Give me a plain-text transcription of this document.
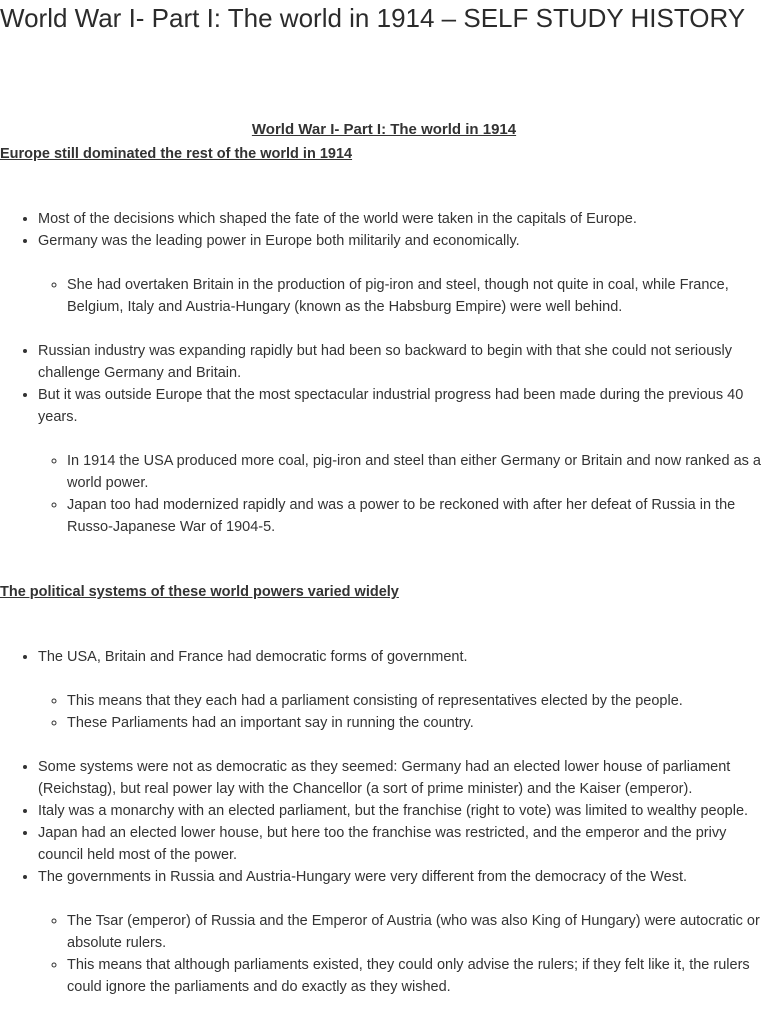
World War I- Part I: The world in 1914 – SELF STUDY HISTORY
World War I- Part I: The world in 1914
Europe still dominated the rest of the world in 1914
• Most of the decisions which shaped the fate of the world were taken in the capitals of Europe.
• Germany was the leading power in Europe both militarily and economically.
◦ She had overtaken Britain in the production of pig-iron and steel, though not quite in coal, while France, Belgium, Italy and Austria-Hungary (known as the Habsburg Empire) were well behind.
• Russian industry was expanding rapidly but had been so backward to begin with that she could not seriously challenge Germany and Britain.
• But it was outside Europe that the most spectacular industrial progress had been made during the previous 40 years.
◦ In 1914 the USA produced more coal, pig-iron and steel than either Germany or Britain and now ranked as a world power.
◦ Japan too had modernized rapidly and was a power to be reckoned with after her defeat of Russia in the Russo-Japanese War of 1904-5.
The political systems of these world powers varied widely
• The USA, Britain and France had democratic forms of government.
◦ This means that they each had a parliament consisting of representatives elected by the people.
◦ These Parliaments had an important say in running the country.
• Some systems were not as democratic as they seemed: Germany had an elected lower house of parliament (Reichstag), but real power lay with the Chancellor (a sort of prime minister) and the Kaiser (emperor).
• Italy was a monarchy with an elected parliament, but the franchise (right to vote) was limited to wealthy people.
• Japan had an elected lower house, but here too the franchise was restricted, and the emperor and the privy council held most of the power.
• The governments in Russia and Austria-Hungary were very different from the democracy of the West.
◦ The Tsar (emperor) of Russia and the Emperor of Austria (who was also King of Hungary) were autocratic or absolute rulers.
◦ This means that although parliaments existed, they could only advise the rulers; if they felt like it, the rulers could ignore the parliaments and do exactly as they wished.
